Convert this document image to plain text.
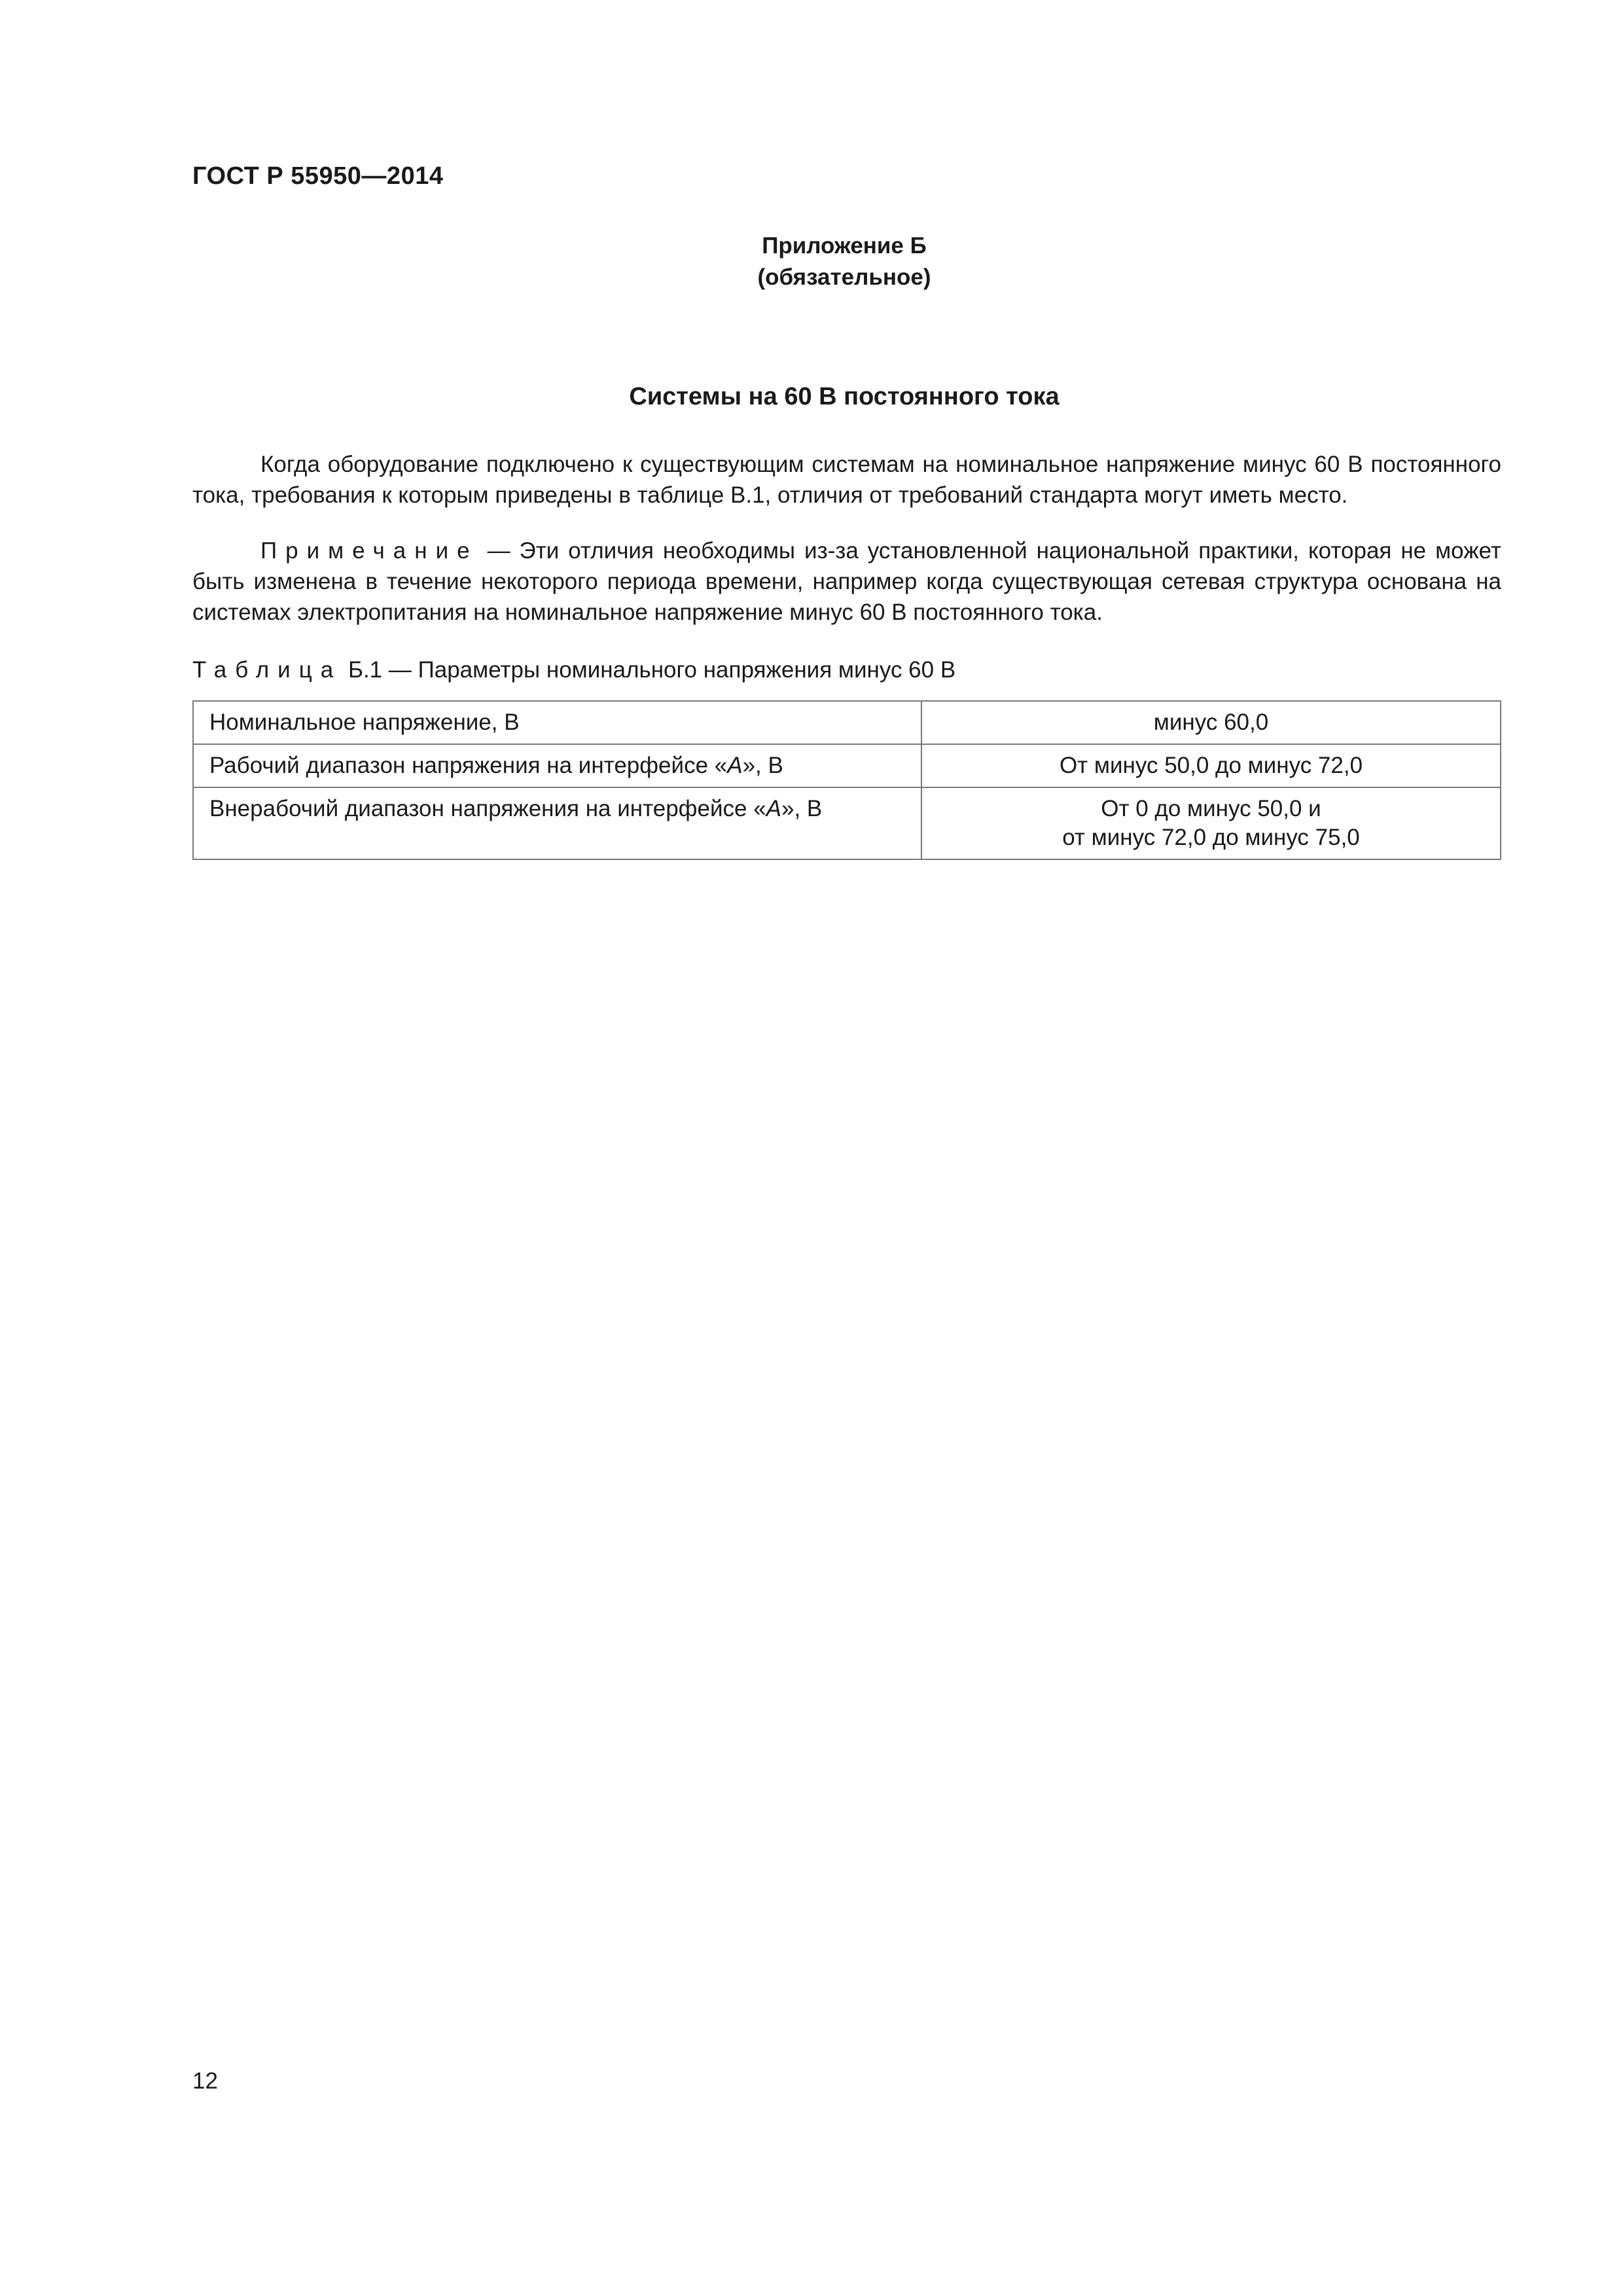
ГОСТ Р 55950—2014
Приложение Б
(обязательное)
Системы на 60 В постоянного тока

Когда оборудование подключено к существующим системам на номинальное напряжение минус 60 В постоянного тока, требования к которым приведены в таблице В.1, отличия от требований стандарта могут иметь место.

Примечание — Эти отличия необходимы из-за установленной национальной практики, которая не может быть изменена в течение некоторого периода времени, например когда существующая сетевая структура основана на системах электропитания на номинальное напряжение минус 60 В постоянного тока.

Таблица Б.1 — Параметры номинального напряжения минус 60 В
Номинальное напряжение, В	минус 60,0

Рабочий диапазон напряжения на интерфейсе «А», В	От минус 50,0 до минус 72,0

Внерабочий диапазон напряжения на интерфейсе «А», В	От 0 до минус 50,0 и
от минус 72,0 до минус 75,0
12
